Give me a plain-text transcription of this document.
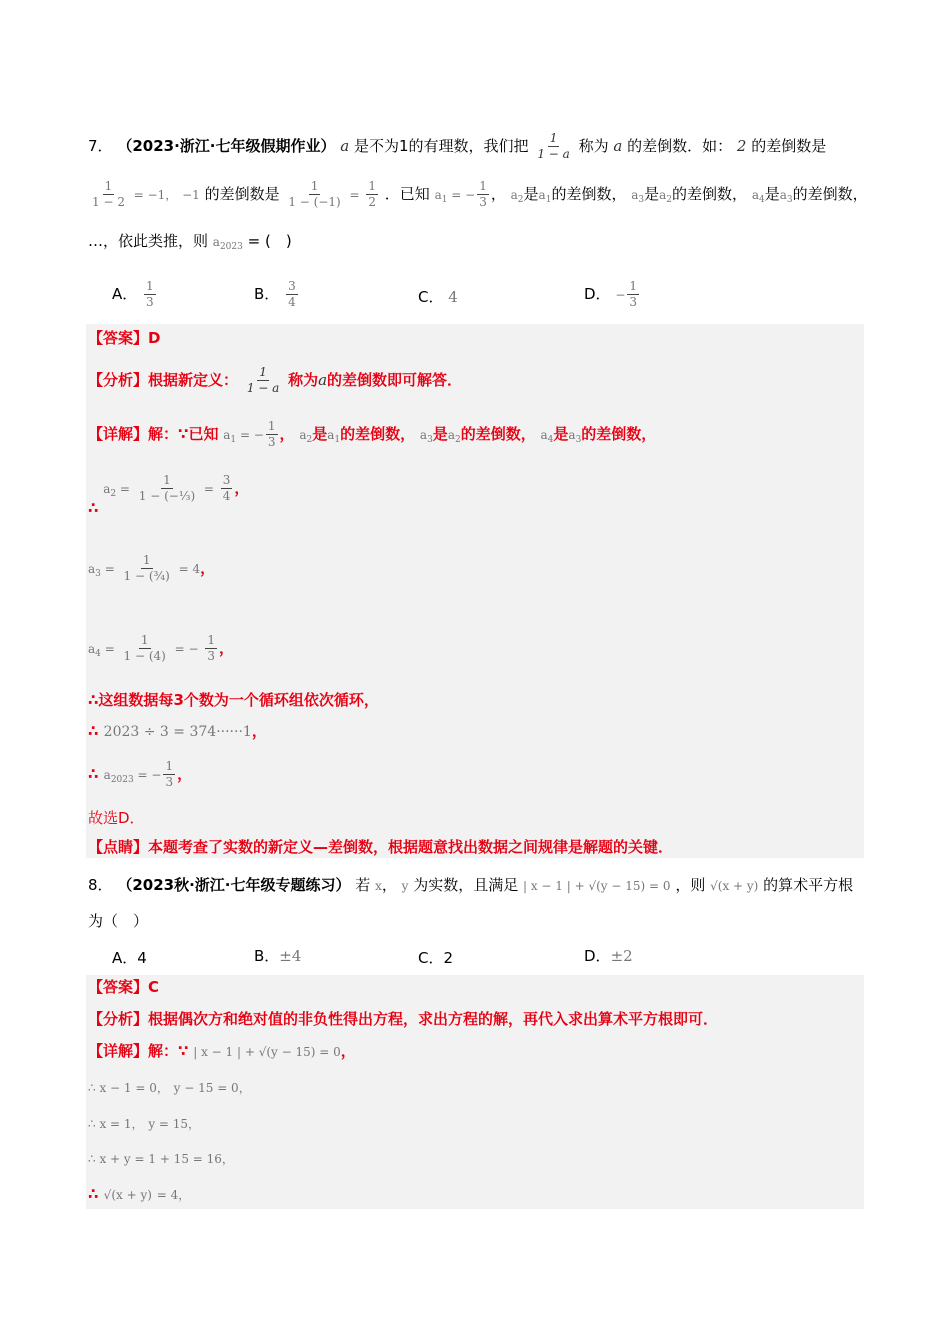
7． （2023·浙江·七年级假期作业） a 是不为1的有理数，我们把 $\frac{1}{1 - a}$ 称为 a 的差倒数．如： 2 的差倒数是
$\frac{1}{1 - 2} = -1$， −1 的差倒数是 $\frac{1}{1 - (-1)} = \frac{1}{2}$ ．已知 $a_1$ = − $\frac{1}{3}$ ， $a_2$是$a_1$的差倒数， $a_3$是$a_2$的差倒数， $a_4$是$a_3$的差倒数，
…，依此类推，则 $a_{2023}$ = (　)
A． $\frac{1}{3}$	B． $\frac{3}{4}$	C． 4	D． − $\frac{1}{3}$
【答案】D
【分析】根据新定义： $\frac{1}{1 - a}$ 称为a的差倒数即可解答．
【详解】解：∵已知 $a_1$ = − $\frac{1}{3}$ ， $a_2$是$a_1$的差倒数， $a_3$是$a_2$的差倒数， $a_4$是$a_3$的差倒数，
∴ $a_2 = \frac{1}{\text{1 − (−⅓)}} = \frac{3}{4}$ ，
$a_3 = \frac{1}{\text{1 − (¾)}} = 4$，
$a_4 = \frac{1}{1 - (4)}$ = − $\frac{1}{3}$ ，
∴这组数据每3个数为一个循环组依次循环，
∴ 2023 ÷ 3 = 374······1，
∴ $a_{2023}$ = − $\frac{1}{3}$ ，
故选D．
【点睛】本题考查了实数的新定义—差倒数，根据题意找出数据之间规律是解题的关键．
8． （2023秋·浙江·七年级专题练习） 若 x， y 为实数，且满足 | x − 1 | + √(y − 15) = 0 ，则 √(x + y) 的算术平方根
为（　）
A．4	B．±4	C．2	D．±2
【答案】C
【分析】根据偶次方和绝对值的非负性得出方程，求出方程的解，再代入求出算术平方根即可．
【详解】解：∵ | x − 1 | + √(y − 15) = 0，
∴ x − 1 = 0， y − 15 = 0，
∴ x = 1， y = 15，
∴ x + y = 1 + 15 = 16，
∴ √(x + y) = 4，
